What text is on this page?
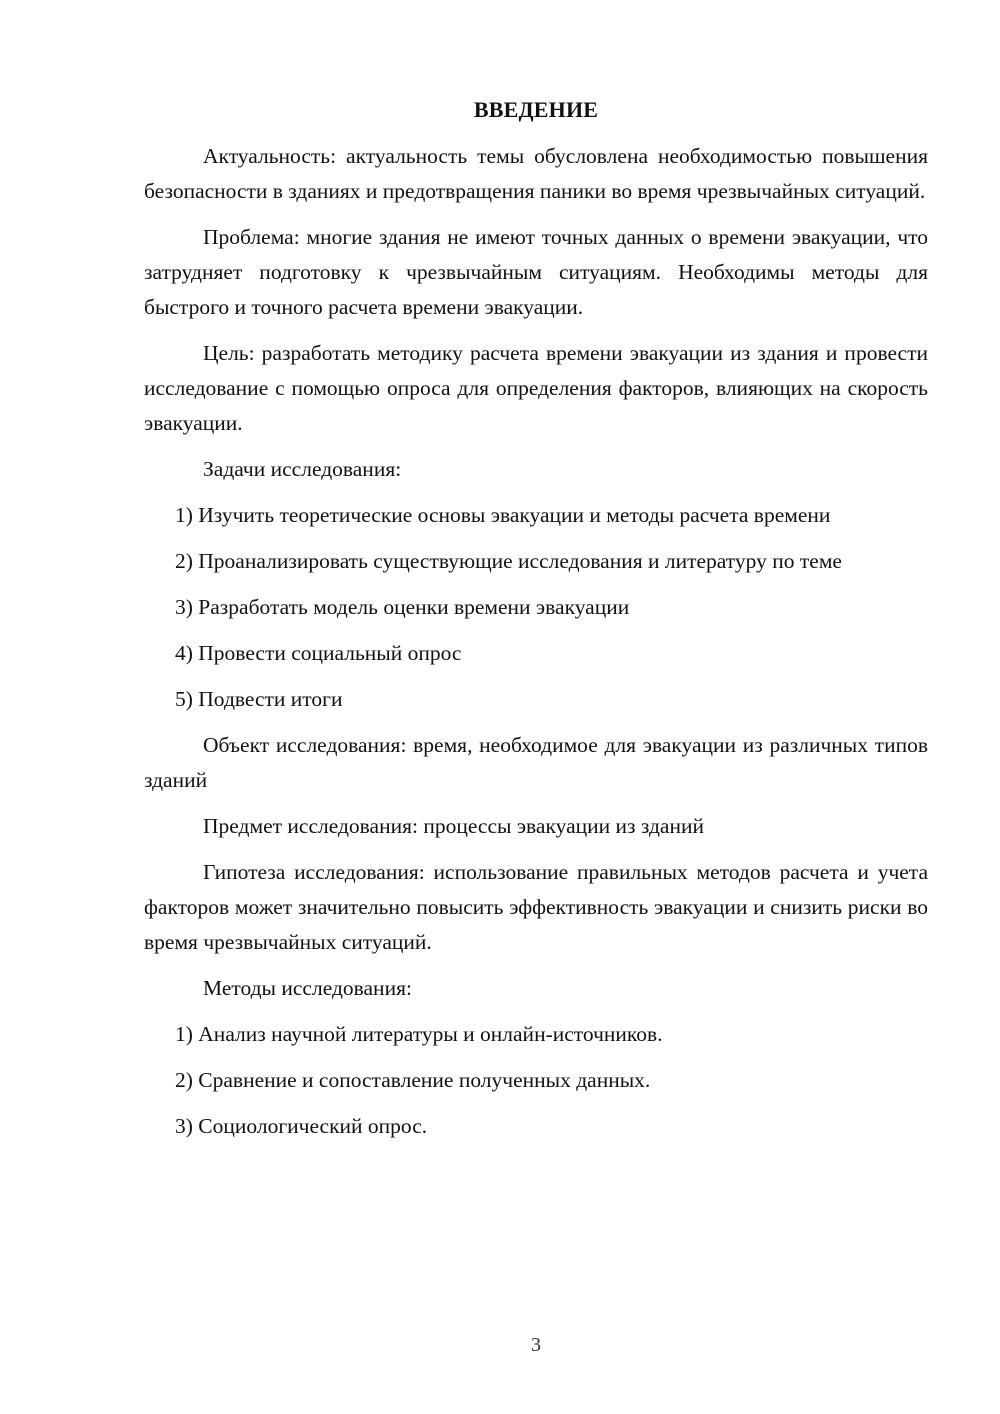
ВВЕДЕНИЕ

Актуальность: актуальность темы обусловлена необходимостью повышения безопасности в зданиях и предотвращения паники во время чрезвычайных ситуаций.

Проблема: многие здания не имеют точных данных о времени эвакуации, что затрудняет подготовку к чрезвычайным ситуациям. Необходимы методы для быстрого и точного расчета времени эвакуации.

Цель: разработать методику расчета времени эвакуации из здания и провести исследование с помощью опроса для определения факторов, влияющих на скорость эвакуации.

Задачи исследования:

1) Изучить теоретические основы эвакуации и методы расчета времени

2) Проанализировать существующие исследования и литературу по теме

3) Разработать модель оценки времени эвакуации

4) Провести социальный опрос

5) Подвести итоги

Объект исследования: время, необходимое для эвакуации из различных типов зданий

Предмет исследования: процессы эвакуации из зданий

Гипотеза исследования: использование правильных методов расчета и учета факторов может значительно повысить эффективность эвакуации и снизить риски во время чрезвычайных ситуаций.

Методы исследования:

1) Анализ научной литературы и онлайн-источников.

2) Сравнение и сопоставление полученных данных.

3) Социологический опрос.

3
